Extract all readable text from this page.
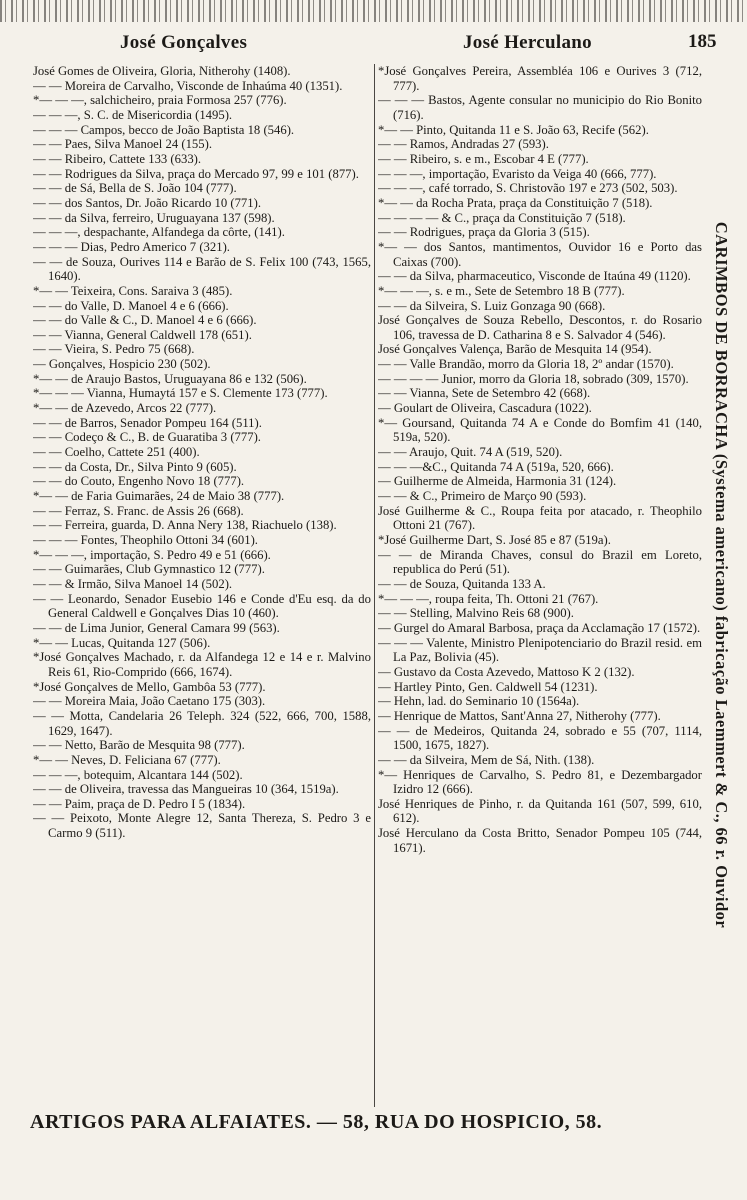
José Gonçalves	José Herculano	185

José Gomes de Oliveira, Gloria, Nitherohy (1408).

— — Moreira de Carvalho, Visconde de Inhaúma 40 (1351).

*— — —, salchicheiro, praia Formosa 257 (776).

— — —, S. C. de Misericordia (1495).

— — — Campos, becco de João Baptista 18 (546).

— — Paes, Silva Manoel 24 (155).

— — Ribeiro, Cattete 133 (633).

— — Rodrigues da Silva, praça do Mercado 97, 99 e 101 (877).

— — de Sá, Bella de S. João 104 (777).

— — dos Santos, Dr. João Ricardo 10 (771).

— — da Silva, ferreiro, Uruguayana 137 (598).

— — —, despachante, Alfandega da côrte, (141).

— — — Dias, Pedro Americo 7 (321).

— — de Souza, Ourives 114 e Barão de S. Felix 100 (743, 1565, 1640).

*— — Teixeira, Cons. Saraiva 3 (485).

— — do Valle, D. Manoel 4 e 6 (666).

— — do Valle & C., D. Manoel 4 e 6 (666).

— — Vianna, General Caldwell 178 (651).

— — Vieira, S. Pedro 75 (668).

— Gonçalves, Hospicio 230 (502).

*— — de Araujo Bastos, Uruguayana 86 e 132 (506).

*— — — Vianna, Humaytá 157 e S. Clemente 173 (777).

*— — de Azevedo, Arcos 22 (777).

— — de Barros, Senador Pompeu 164 (511).

— — Codeço & C., B. de Guaratiba 3 (777).

— — Coelho, Cattete 251 (400).

— — da Costa, Dr., Silva Pinto 9 (605).

— — do Couto, Engenho Novo 18 (777).

*— — de Faria Guimarães, 24 de Maio 38 (777).

— — Ferraz, S. Franc. de Assis 26 (668).

— — Ferreira, guarda, D. Anna Nery 138, Riachuelo (138).

— — — Fontes, Theophilo Ottoni 34 (601).

*— — —, importação, S. Pedro 49 e 51 (666).

— — Guimarães, Club Gymnastico 12 (777).

— — & Irmão, Silva Manoel 14 (502).

— — Leonardo, Senador Eusebio 146 e Conde d'Eu esq. da do General Caldwell e Gonçalves Dias 10 (460).

— — de Lima Junior, General Camara 99 (563).

*— — Lucas, Quitanda 127 (506).

*José Gonçalves Machado, r. da Alfandega 12 e 14 e r. Malvino Reis 61, Rio-Comprido (666, 1674).

*José Gonçalves de Mello, Gambôa 53 (777).

— — Moreira Maia, João Caetano 175 (303).

— — Motta, Candelaria 26 Teleph. 324 (522, 666, 700, 1588, 1629, 1647).

— — Netto, Barão de Mesquita 98 (777).

*— — Neves, D. Feliciana 67 (777).

— — —, botequim, Alcantara 144 (502).

— — de Oliveira, travessa das Mangueiras 10 (364, 1519a).

— — Paim, praça de D. Pedro I 5 (1834).

— — Peixoto, Monte Alegre 12, Santa Thereza, S. Pedro 3 e Carmo 9 (511).

*José Gonçalves Pereira, Assembléa 106 e Ourives 3 (712, 777).

— — — Bastos, Agente consular no municipio do Rio Bonito (716).

*— — Pinto, Quitanda 11 e S. João 63, Recife (562).

— — Ramos, Andradas 27 (593).

— — Ribeiro, s. e m., Escobar 4 E (777).

— — —, importação, Evaristo da Veiga 40 (666, 777).

— — —, café torrado, S. Christovão 197 e 273 (502, 503).

*— — da Rocha Prata, praça da Constituição 7 (518).

— — — — & C., praça da Constituição 7 (518).

— — Rodrigues, praça da Gloria 3 (515).

*— — dos Santos, mantimentos, Ouvidor 16 e Porto das Caixas (700).

— — da Silva, pharmaceutico, Visconde de Itaúna 49 (1120).

*— — —, s. e m., Sete de Setembro 18 B (777).

— — da Silveira, S. Luiz Gonzaga 90 (668).

José Gonçalves de Souza Rebello, Descontos, r. do Rosario 106, travessa de D. Catharina 8 e S. Salvador 4 (546).

José Gonçalves Valença, Barão de Mesquita 14 (954).

— — Valle Brandão, morro da Gloria 18, 2º andar (1570).

— — — — Junior, morro da Gloria 18, sobrado (309, 1570).

— — Vianna, Sete de Setembro 42 (668).

— Goulart de Oliveira, Cascadura (1022).

*— Goursand, Quitanda 74 A e Conde do Bomfim 41 (140, 519a, 520).

— — Araujo, Quit. 74 A (519, 520).

— — —&C., Quitanda 74 A (519a, 520, 666).

— Guilherme de Almeida, Harmonia 31 (124).

— — & C., Primeiro de Março 90 (593).

José Guilherme & C., Roupa feita por atacado, r. Theophilo Ottoni 21 (767).

*José Guilherme Dart, S. José 85 e 87 (519a).

— — de Miranda Chaves, consul do Brazil em Loreto, republica do Perú (51).

— — de Souza, Quitanda 133 A.

*— — —, roupa feita, Th. Ottoni 21 (767).

— — Stelling, Malvino Reis 68 (900).

— Gurgel do Amaral Barbosa, praça da Acclamação 17 (1572).

— — — Valente, Ministro Plenipotenciario do Brazil resid. em La Paz, Bolivia (45).

— Gustavo da Costa Azevedo, Mattoso K 2 (132).

— Hartley Pinto, Gen. Caldwell 54 (1231).

— Hehn, lad. do Seminario 10 (1564a).

— Henrique de Mattos, Sant'Anna 27, Nitherohy (777).

— — de Medeiros, Quitanda 24, sobrado e 55 (707, 1114, 1500, 1675, 1827).

— — da Silveira, Mem de Sá, Nith. (138).

*— Henriques de Carvalho, S. Pedro 81, e Dezembargador Izidro 12 (666).

José Henriques de Pinho, r. da Quitanda 161 (507, 599, 610, 612).

José Herculano da Costa Britto, Senador Pompeu 105 (744, 1671).	CARIMBOS DE BORRACHA (Systema americano) fabricação Laemmert & C., 66 r. Ouvidor
ARTIGOS PARA ALFAIATES. — 58, RUA DO HOSPICIO, 58.
